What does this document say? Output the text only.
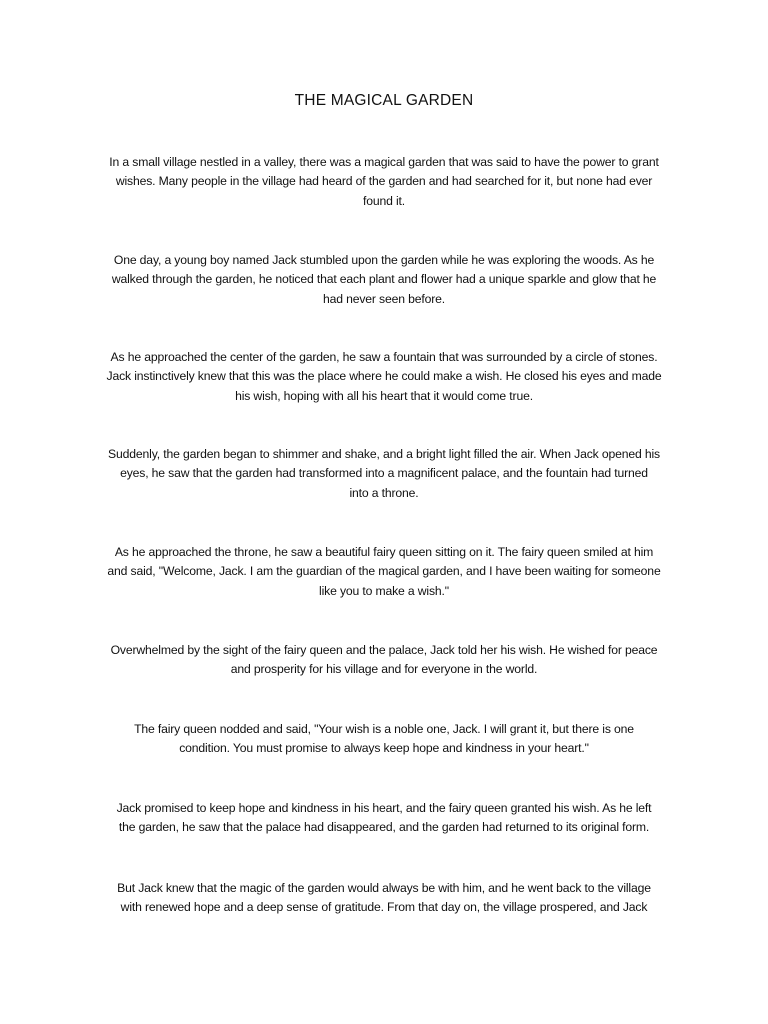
THE MAGICAL GARDEN

In a small village nestled in a valley, there was a magical garden that was said to have the power to grant
wishes. Many people in the village had heard of the garden and had searched for it, but none had ever
found it.

One day, a young boy named Jack stumbled upon the garden while he was exploring the woods. As he
walked through the garden, he noticed that each plant and flower had a unique sparkle and glow that he
had never seen before.

As he approached the center of the garden, he saw a fountain that was surrounded by a circle of stones.
Jack instinctively knew that this was the place where he could make a wish. He closed his eyes and made
his wish, hoping with all his heart that it would come true.

Suddenly, the garden began to shimmer and shake, and a bright light filled the air. When Jack opened his
eyes, he saw that the garden had transformed into a magnificent palace, and the fountain had turned
into a throne.

As he approached the throne, he saw a beautiful fairy queen sitting on it. The fairy queen smiled at him
and said, "Welcome, Jack. I am the guardian of the magical garden, and I have been waiting for someone
like you to make a wish."

Overwhelmed by the sight of the fairy queen and the palace, Jack told her his wish. He wished for peace
and prosperity for his village and for everyone in the world.

The fairy queen nodded and said, "Your wish is a noble one, Jack. I will grant it, but there is one
condition. You must promise to always keep hope and kindness in your heart."

Jack promised to keep hope and kindness in his heart, and the fairy queen granted his wish. As he left
the garden, he saw that the palace had disappeared, and the garden had returned to its original form.

But Jack knew that the magic of the garden would always be with him, and he went back to the village
with renewed hope and a deep sense of gratitude. From that day on, the village prospered, and Jack
